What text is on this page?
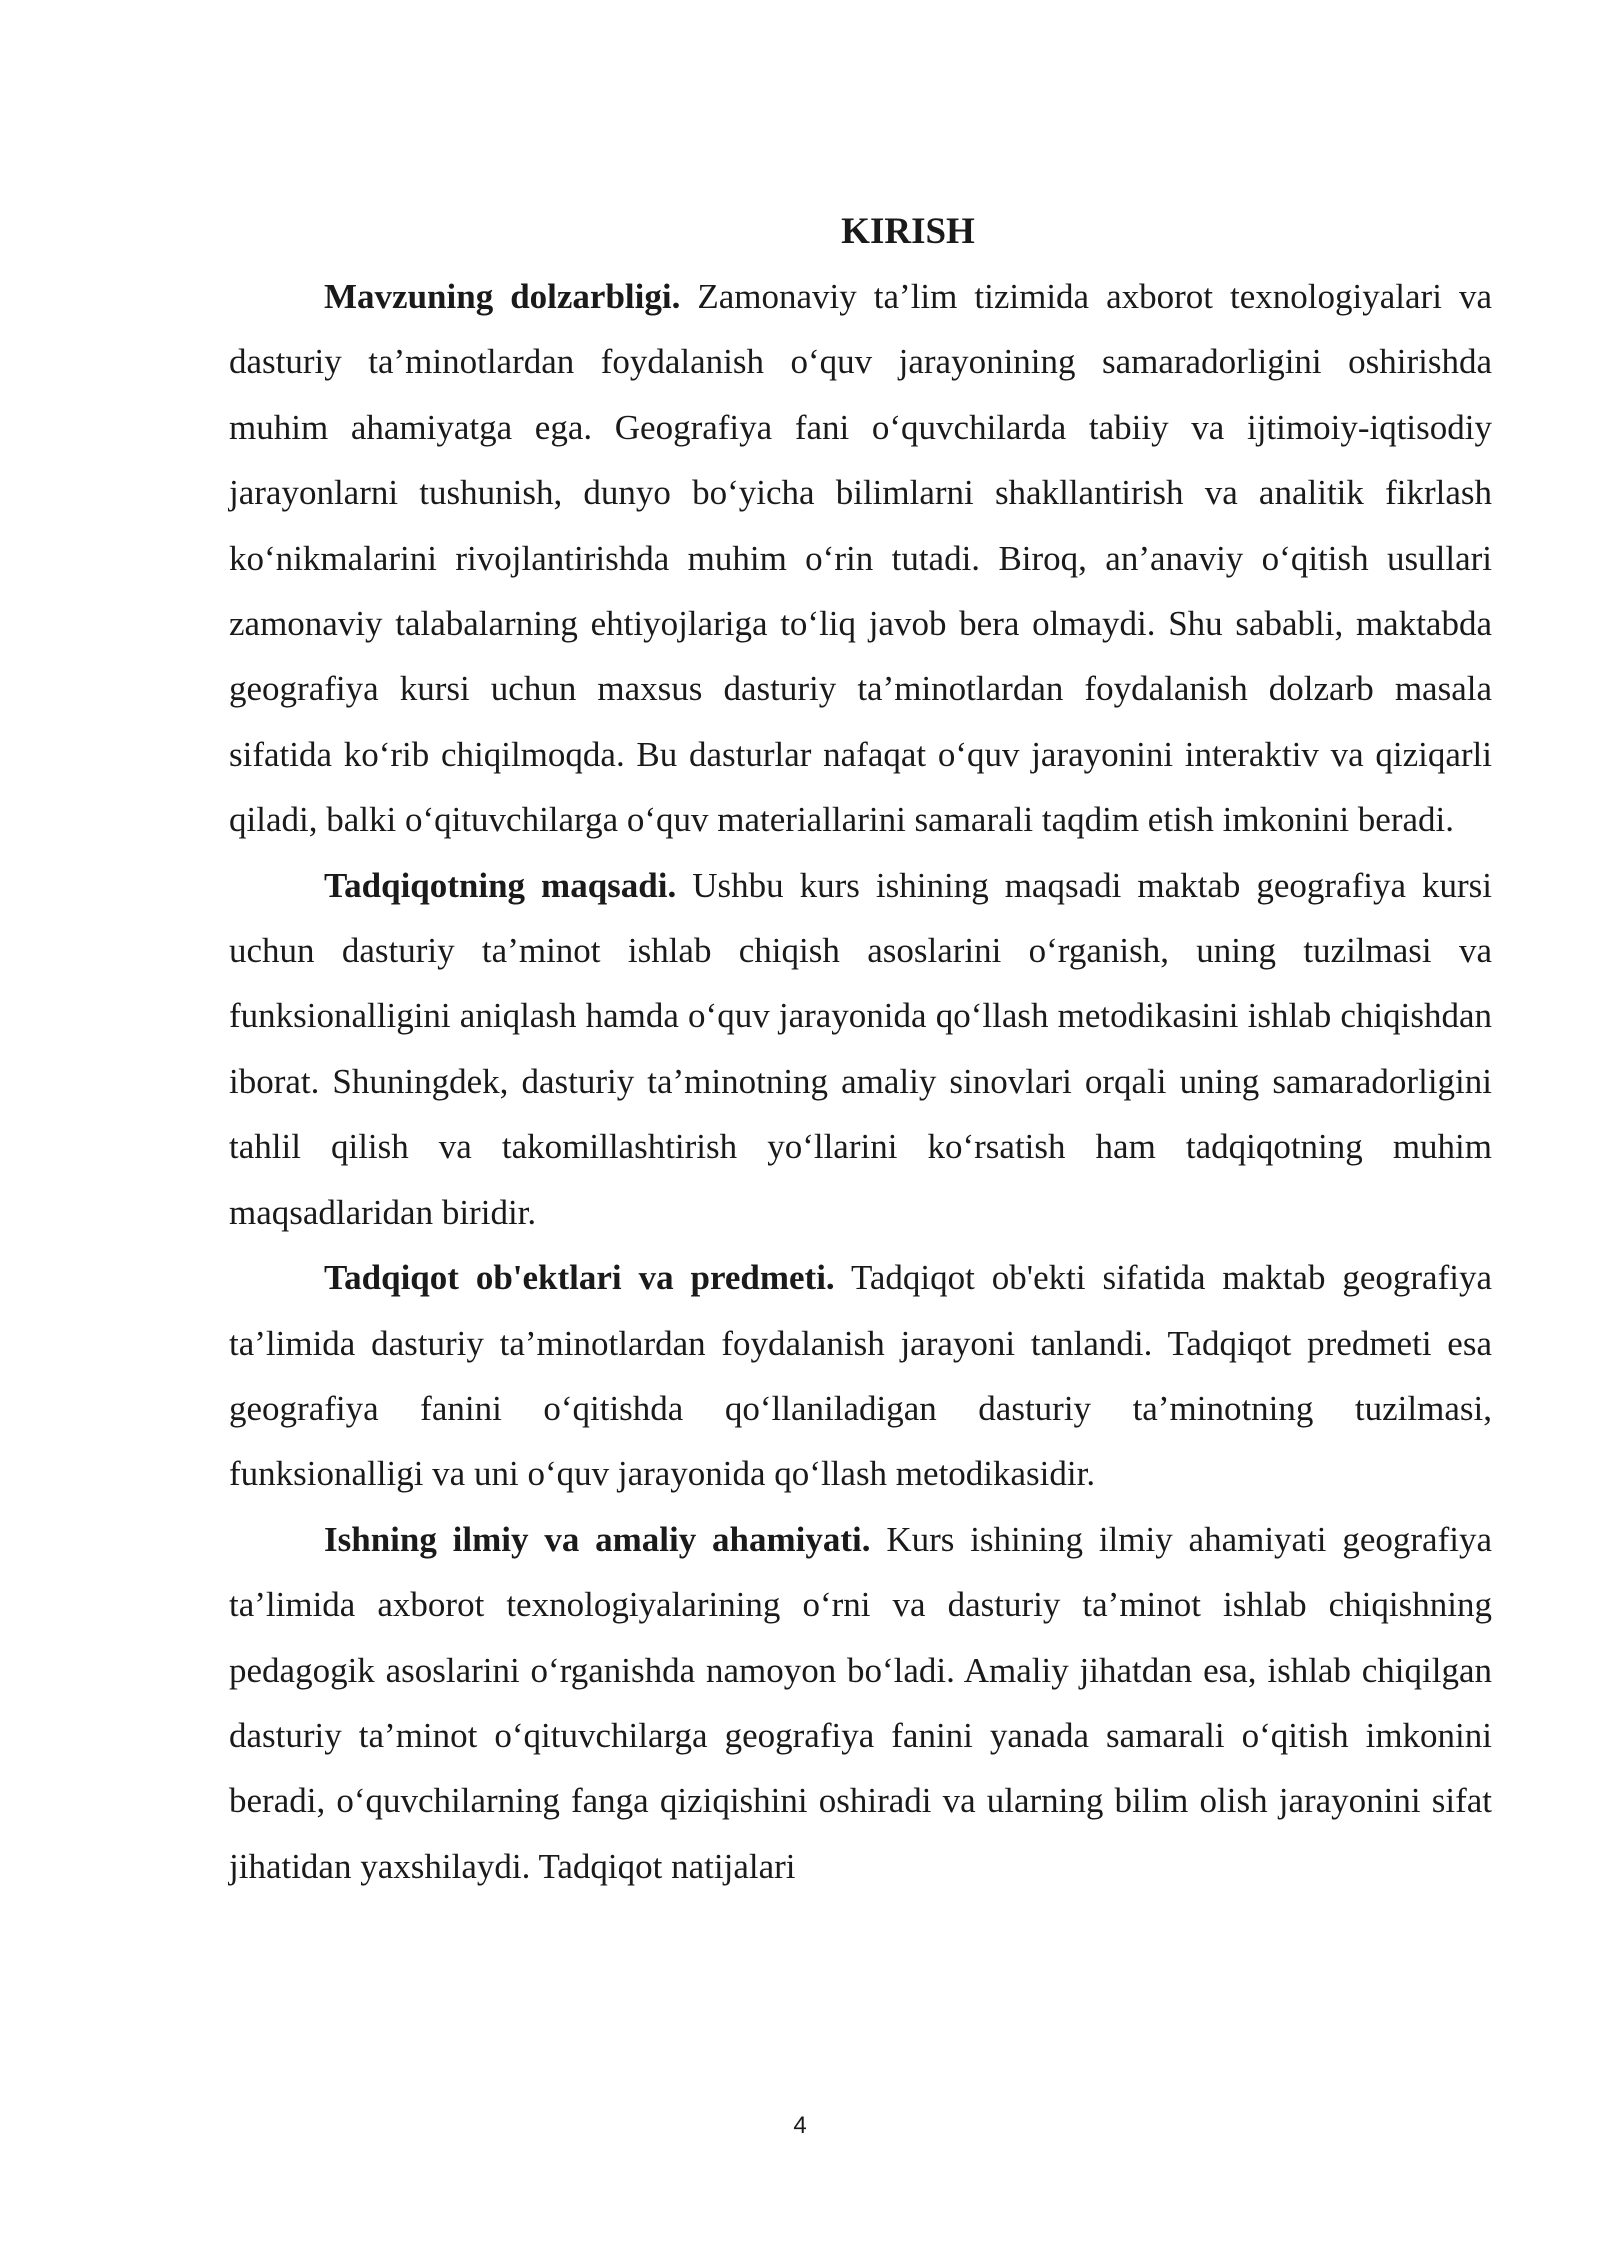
KIRISH

Mavzuning dolzarbligi. Zamonaviy ta’lim tizimida axborot texnologiyalari va dasturiy ta’minotlardan foydalanish o‘quv jarayonining samaradorligini oshirishda muhim ahamiyatga ega. Geografiya fani o‘quvchilarda tabiiy va ijtimoiy-iqtisodiy jarayonlarni tushunish, dunyo bo‘yicha bilimlarni shakllantirish va analitik fikrlash ko‘nikmalarini rivojlantirishda muhim o‘rin tutadi. Biroq, an’anaviy o‘qitish usullari zamonaviy talabalarning ehtiyojlariga to‘liq javob bera olmaydi. Shu sababli, maktabda geografiya kursi uchun maxsus dasturiy ta’minotlardan foydalanish dolzarb masala sifatida ko‘rib chiqilmoqda. Bu dasturlar nafaqat o‘quv jarayonini interaktiv va qiziqarli qiladi, balki o‘qituvchilarga o‘quv materiallarini samarali taqdim etish imkonini beradi.

Tadqiqotning maqsadi. Ushbu kurs ishining maqsadi maktab geografiya kursi uchun dasturiy ta’minot ishlab chiqish asoslarini o‘rganish, uning tuzilmasi va funksionalligini aniqlash hamda o‘quv jarayonida qo‘llash metodikasini ishlab chiqishdan iborat. Shuningdek, dasturiy ta’minotning amaliy sinovlari orqali uning samaradorligini tahlil qilish va takomillashtirish yo‘llarini ko‘rsatish ham tadqiqotning muhim maqsadlaridan biridir.

Tadqiqot ob'ektlari va predmeti. Tadqiqot ob'ekti sifatida maktab geografiya ta’limida dasturiy ta’minotlardan foydalanish jarayoni tanlandi. Tadqiqot predmeti esa geografiya fanini o‘qitishda qo‘llaniladigan dasturiy ta’minotning tuzilmasi, funksionalligi va uni o‘quv jarayonida qo‘llash metodikasidir.

Ishning ilmiy va amaliy ahamiyati. Kurs ishining ilmiy ahamiyati geografiya ta’limida axborot texnologiyalarining o‘rni va dasturiy ta’minot ishlab chiqishning pedagogik asoslarini o‘rganishda namoyon bo‘ladi. Amaliy jihatdan esa, ishlab chiqilgan dasturiy ta’minot o‘qituvchilarga geografiya fanini yanada samarali o‘qitish imkonini beradi, o‘quvchilarning fanga qiziqishini oshiradi va ularning bilim olish jarayonini sifat jihatidan yaxshilaydi. Tadqiqot natijalari

4
